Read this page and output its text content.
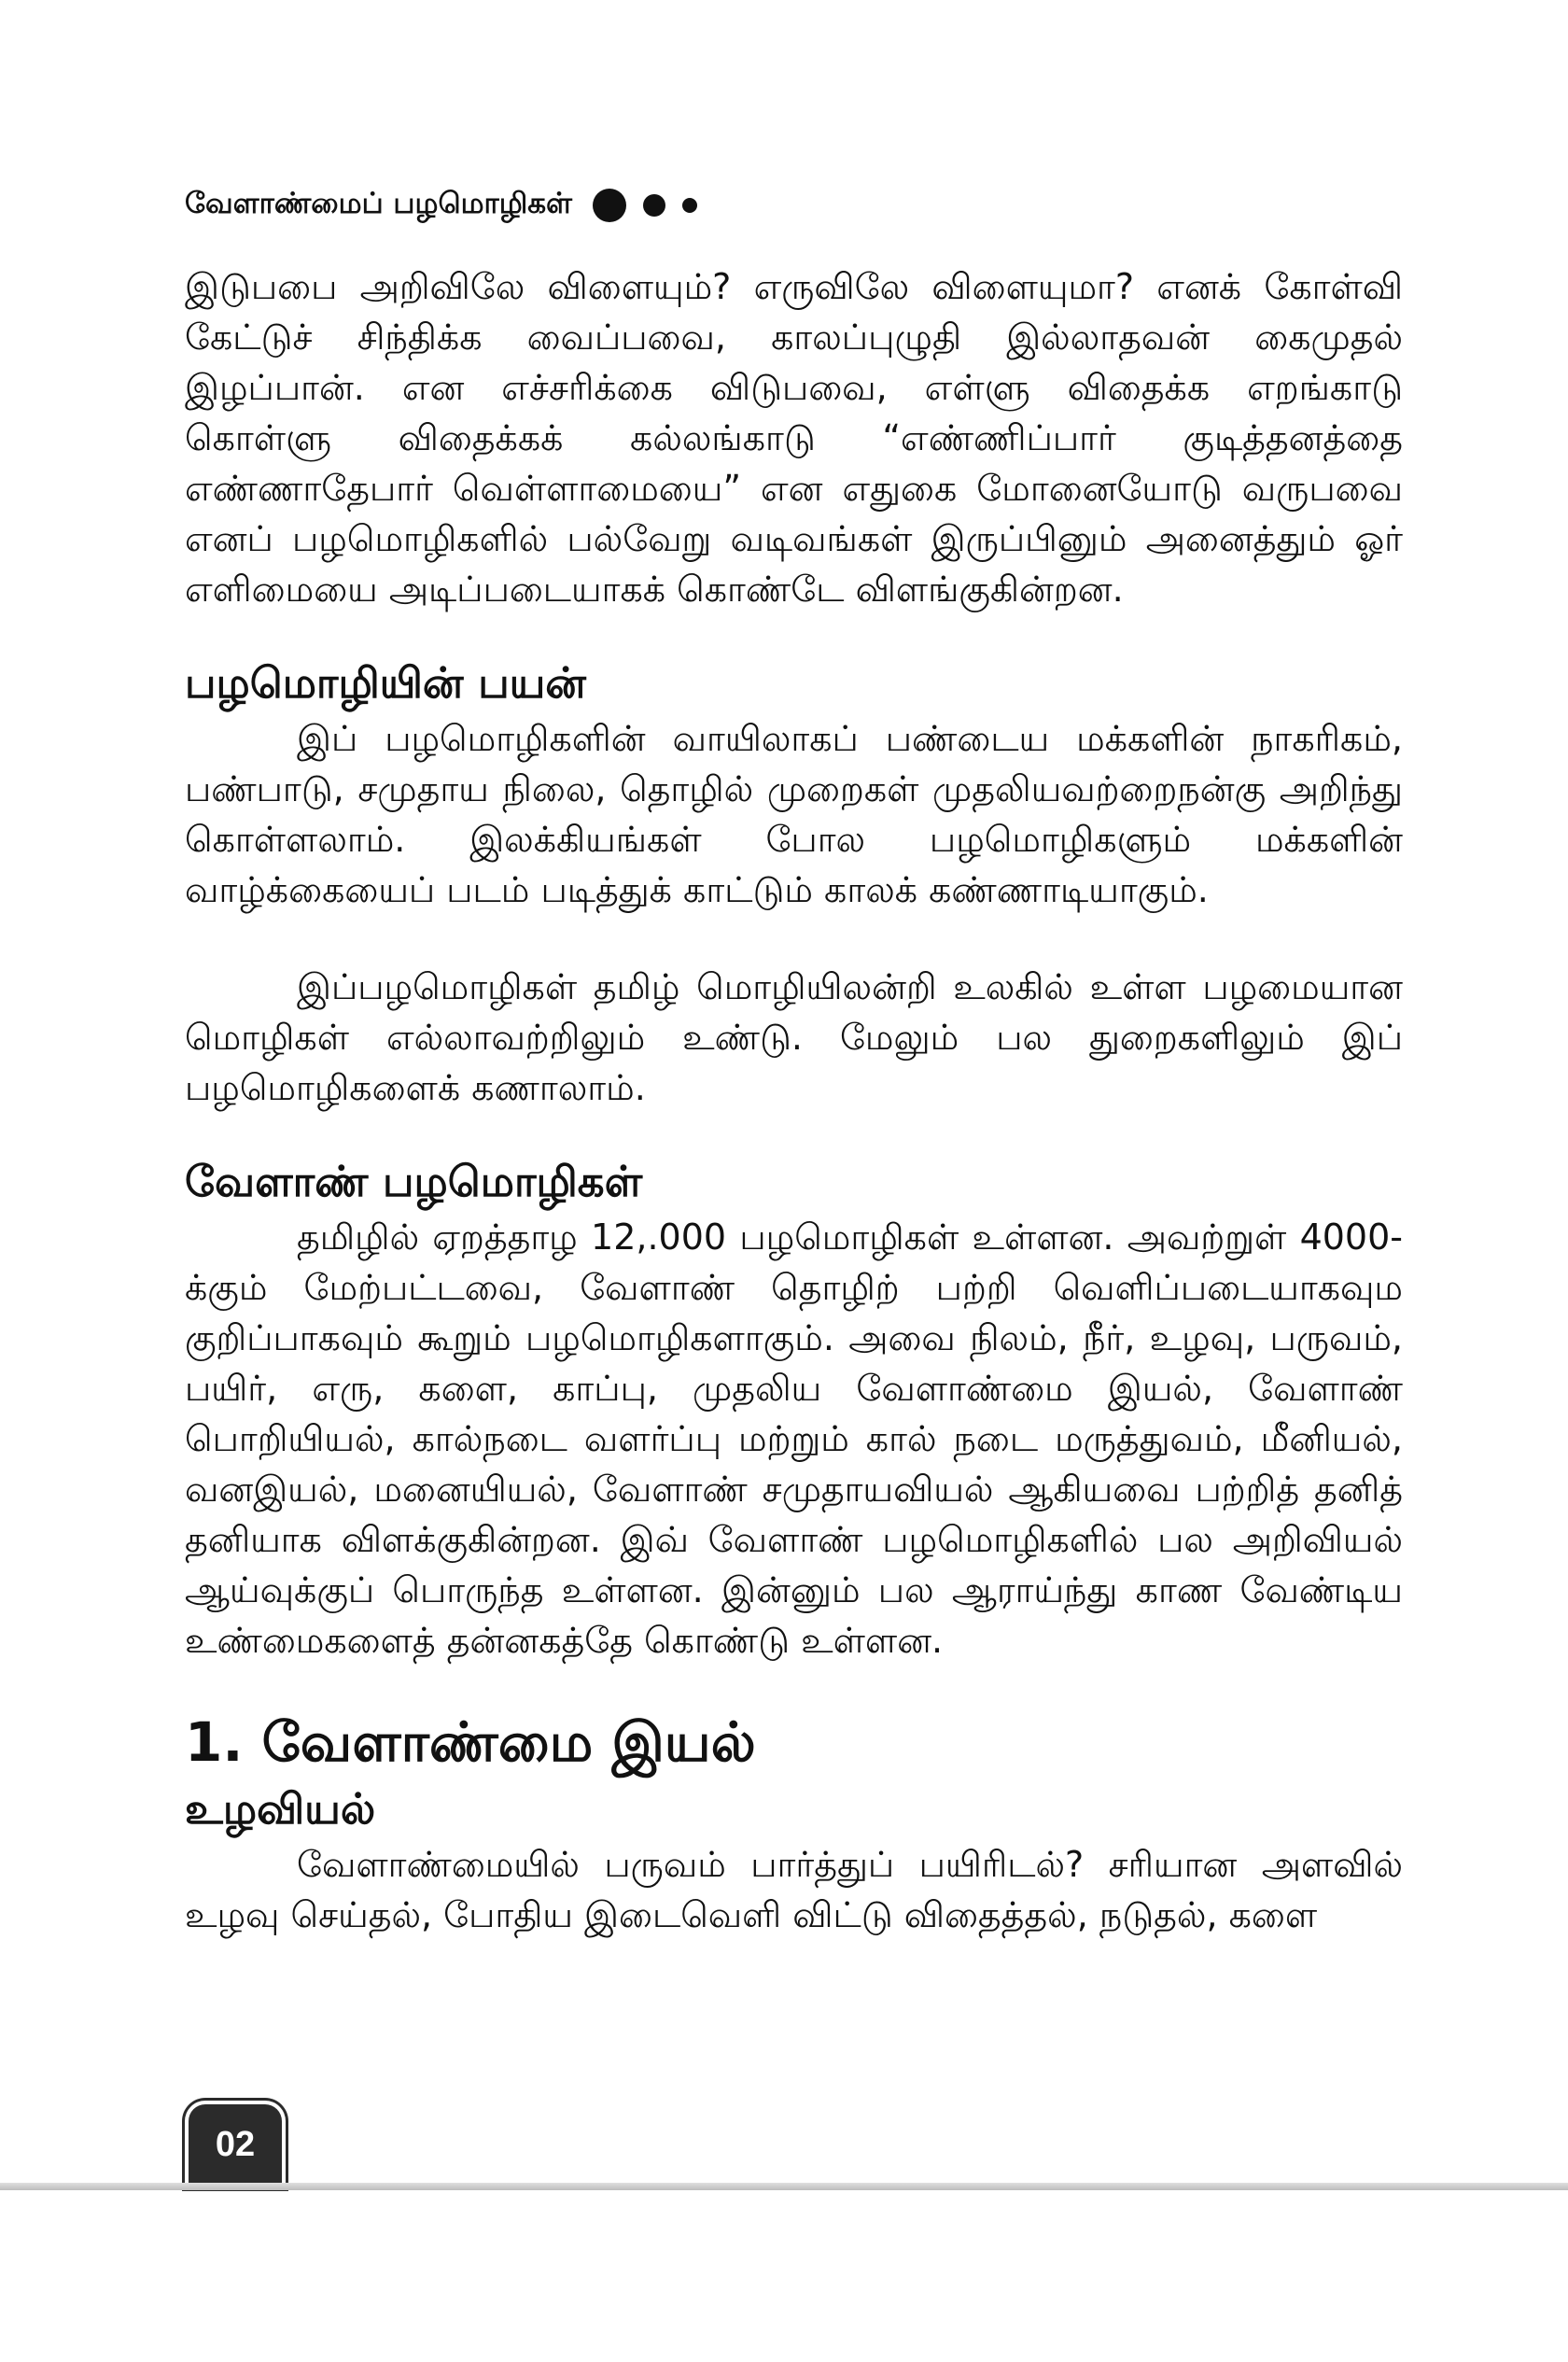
வேளாண்மைப் பழமொழிகள்

இடுபபை அறிவிலே விளையும்? எருவிலே விளையுமா? எனக் கோள்வி கேட்டுச் சிந்திக்க வைப்பவை, காலப்புழுதி இல்லாதவன் கைமுதல் இழப்பான். என எச்சரிக்கை விடுபவை, எள்ளு விதைக்க எறங்காடு கொள்ளு விதைக்கக் கல்லங்காடு “எண்ணிப்பார் குடித்தனத்தை எண்ணாதேபார் வெள்ளாமையை” என எதுகை மோனையோடு வருபவை எனப் பழமொழிகளில் பல்வேறு வடிவங்கள் இருப்பினும் அனைத்தும் ஓர் எளிமையை அடிப்படையாகக் கொண்டே விளங்குகின்றன.

பழமொழியின் பயன்

இப் பழமொழிகளின் வாயிலாகப் பண்டைய மக்களின் நாகரிகம், பண்பாடு, சமுதாய நிலை, தொழில் முறைகள் முதலியவற்றைநன்கு அறிந்து கொள்ளலாம். இலக்கியங்கள் போல பழமொழிகளும் மக்களின் வாழ்க்கையைப் படம் படித்துக் காட்டும் காலக் கண்ணாடியாகும்.

இப்பழமொழிகள் தமிழ் மொழியிலன்றி உலகில் உள்ள பழமையான மொழிகள் எல்லாவற்றிலும் உண்டு. மேலும் பல துறைகளிலும் இப் பழமொழிகளைக் கணாலாம்.

வேளாண் பழமொழிகள்

தமிழில் ஏறத்தாழ 12,.000 பழமொழிகள் உள்ளன. அவற்றுள் 4000-க்கும் மேற்பட்டவை, வேளாண் தொழிற் பற்றி வெளிப்படையாகவும குறிப்பாகவும் கூறும் பழமொழிகளாகும். அவை நிலம், நீர், உழவு, பருவம், பயிர், எரு, களை, காப்பு, முதலிய வேளாண்மை இயல், வேளாண் பொறியியல், கால்நடை வளர்ப்பு மற்றும் கால் நடை மருத்துவம், மீனியல், வனஇயல், மனையியல், வேளாண் சமுதாயவியல் ஆகியவை பற்றித் தனித் தனியாக விளக்குகின்றன. இவ் வேளாண் பழமொழிகளில் பல அறிவியல் ஆய்வுக்குப் பொருந்த உள்ளன. இன்னும் பல ஆராய்ந்து காண வேண்டிய உண்மைகளைத் தன்னகத்தே கொண்டு உள்ளன.

1. வேளாண்மை இயல்
உழவியல்

வேளாண்மையில் பருவம் பார்த்துப் பயிரிடல்? சரியான அளவில் உழவு செய்தல், போதிய இடைவெளி விட்டு விதைத்தல், நடுதல், களை

02
